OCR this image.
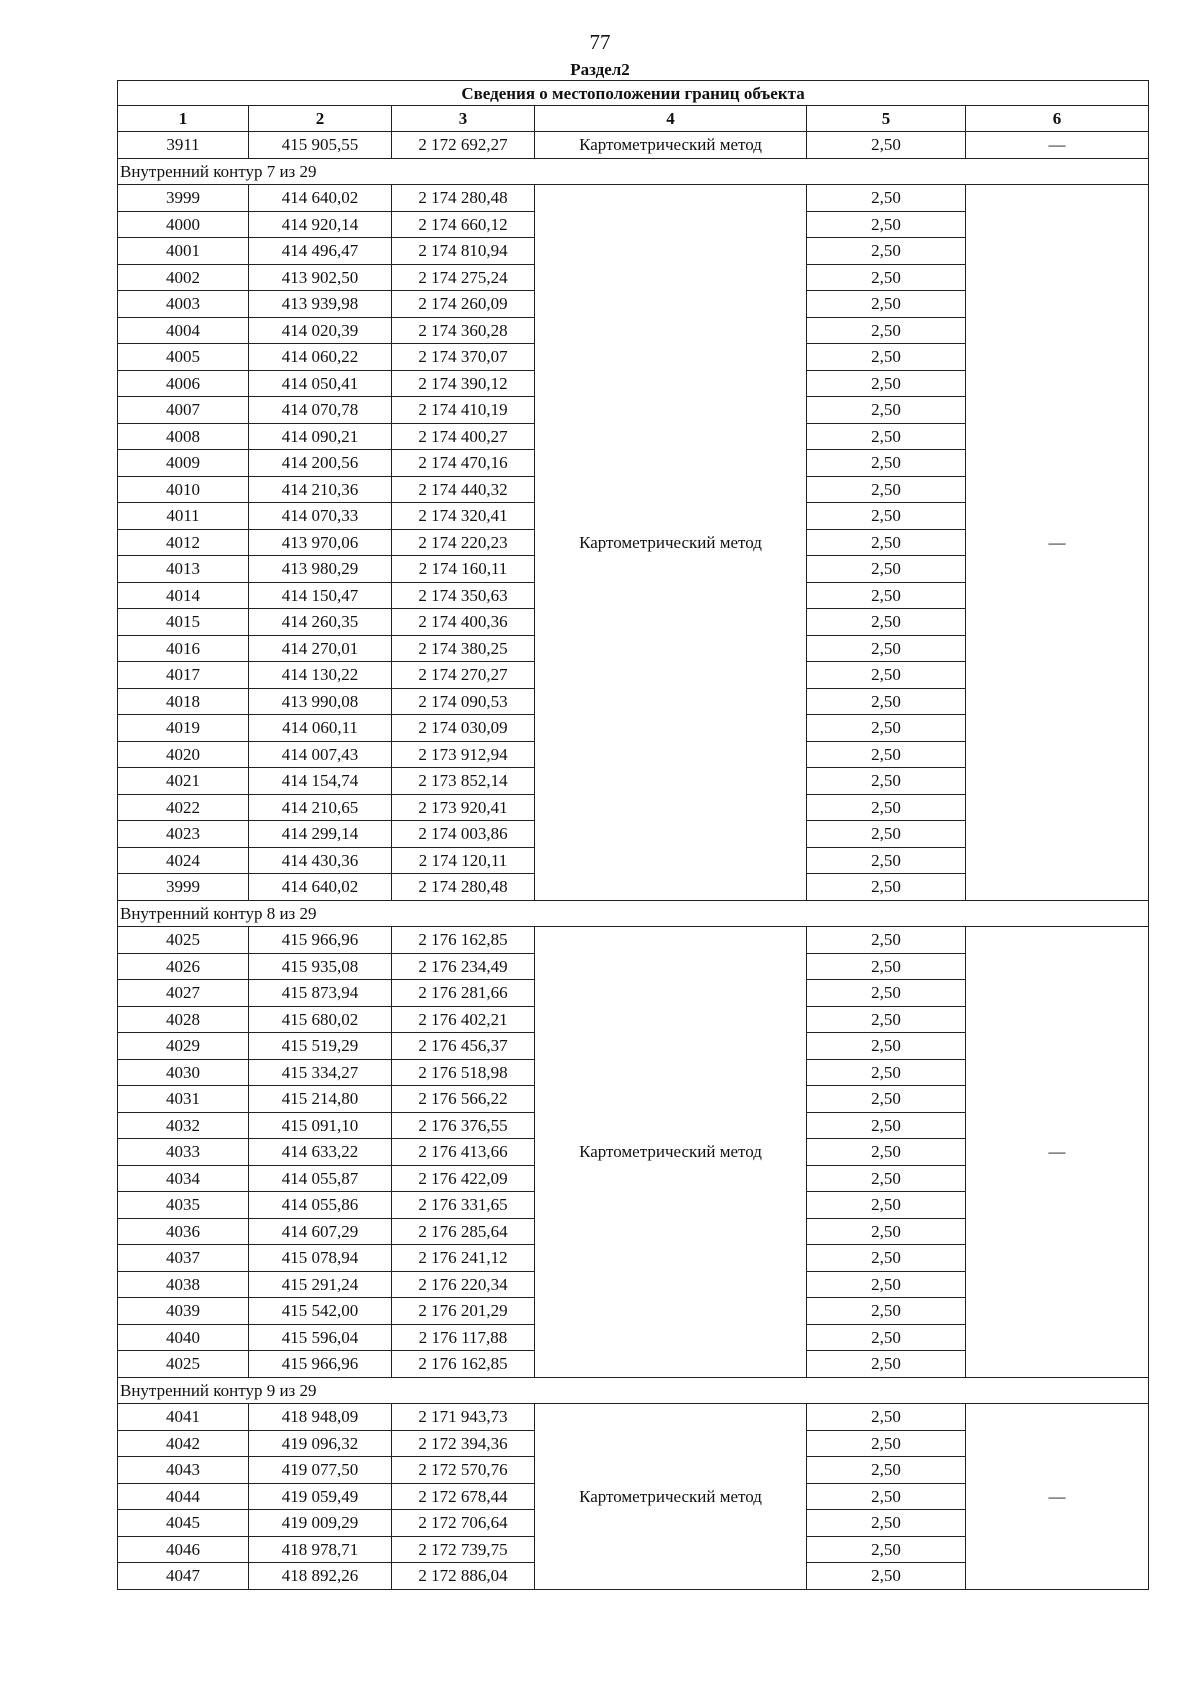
77
Раздел2
Сведения о местоположении границ объекта					
1	2	3	4	5	6
3911	415 905,55	2 172 692,27	Картометрический метод	2,50	—
Внутренний контур 7 из 29					
3999	414 640,02	2 174 280,48	Картометрический метод	2,50	—
4000	414 920,14	2 174 660,12		2,50	
4001	414 496,47	2 174 810,94		2,50	
4002	413 902,50	2 174 275,24		2,50	
4003	413 939,98	2 174 260,09		2,50	
4004	414 020,39	2 174 360,28		2,50	
4005	414 060,22	2 174 370,07		2,50	
4006	414 050,41	2 174 390,12		2,50	
4007	414 070,78	2 174 410,19		2,50	
4008	414 090,21	2 174 400,27		2,50	
4009	414 200,56	2 174 470,16		2,50	
4010	414 210,36	2 174 440,32		2,50	
4011	414 070,33	2 174 320,41		2,50	
4012	413 970,06	2 174 220,23		2,50	
4013	413 980,29	2 174 160,11		2,50	
4014	414 150,47	2 174 350,63		2,50	
4015	414 260,35	2 174 400,36		2,50	
4016	414 270,01	2 174 380,25		2,50	
4017	414 130,22	2 174 270,27		2,50	
4018	413 990,08	2 174 090,53		2,50	
4019	414 060,11	2 174 030,09		2,50	
4020	414 007,43	2 173 912,94		2,50	
4021	414 154,74	2 173 852,14		2,50	
4022	414 210,65	2 173 920,41		2,50	
4023	414 299,14	2 174 003,86		2,50	
4024	414 430,36	2 174 120,11		2,50	
3999	414 640,02	2 174 280,48		2,50	
Внутренний контур 8 из 29					
4025	415 966,96	2 176 162,85	Картометрический метод	2,50	—
4026	415 935,08	2 176 234,49		2,50	
4027	415 873,94	2 176 281,66		2,50	
4028	415 680,02	2 176 402,21		2,50	
4029	415 519,29	2 176 456,37		2,50	
4030	415 334,27	2 176 518,98		2,50	
4031	415 214,80	2 176 566,22		2,50	
4032	415 091,10	2 176 376,55		2,50	
4033	414 633,22	2 176 413,66		2,50	
4034	414 055,87	2 176 422,09		2,50	
4035	414 055,86	2 176 331,65		2,50	
4036	414 607,29	2 176 285,64		2,50	
4037	415 078,94	2 176 241,12		2,50	
4038	415 291,24	2 176 220,34		2,50	
4039	415 542,00	2 176 201,29		2,50	
4040	415 596,04	2 176 117,88		2,50	
4025	415 966,96	2 176 162,85		2,50	
Внутренний контур 9 из 29					
4041	418 948,09	2 171 943,73	Картометрический метод	2,50	—
4042	419 096,32	2 172 394,36		2,50	
4043	419 077,50	2 172 570,76		2,50	
4044	419 059,49	2 172 678,44		2,50	
4045	419 009,29	2 172 706,64		2,50	
4046	418 978,71	2 172 739,75		2,50	
4047	418 892,26	2 172 886,04		2,50	
